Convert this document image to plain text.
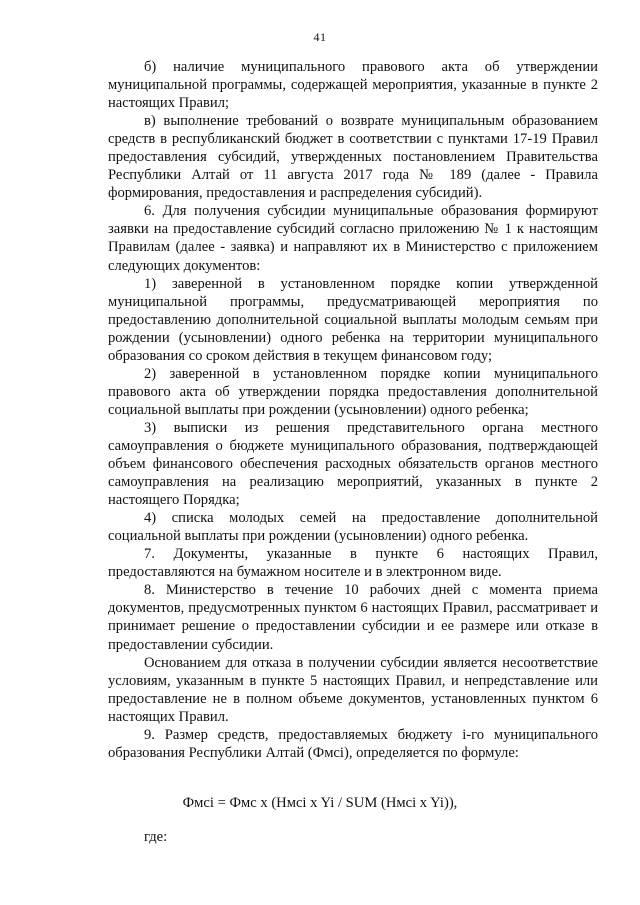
41

б) наличие муниципального правового акта об утверждении муниципальной программы, содержащей мероприятия, указанные в пункте 2 настоящих Правил;

в) выполнение требований о возврате муниципальным образованием средств в республиканский бюджет в соответствии с пунктами 17-19 Правил предоставления субсидий, утвержденных постановлением Правительства Республики Алтай от 11 августа 2017 года № 189 (далее - Правила формирования, предоставления и распределения субсидий).

6. Для получения субсидии муниципальные образования формируют заявки на предоставление субсидий согласно приложению № 1 к настоящим Правилам (далее - заявка) и направляют их в Министерство с приложением следующих документов:

1) заверенной в установленном порядке копии утвержденной муниципальной программы, предусматривающей мероприятия по предоставлению дополнительной социальной выплаты молодым семьям при рождении (усыновлении) одного ребенка на территории муниципального образования со сроком действия в текущем финансовом году;

2) заверенной в установленном порядке копии муниципального правового акта об утверждении порядка предоставления дополнительной социальной выплаты при рождении (усыновлении) одного ребенка;

3) выписки из решения представительного органа местного самоуправления о бюджете муниципального образования, подтверждающей объем финансового обеспечения расходных обязательств органов местного самоуправления на реализацию мероприятий, указанных в пункте 2 настоящего Порядка;

4) списка молодых семей на предоставление дополнительной социальной выплаты при рождении (усыновлении) одного ребенка.

7. Документы, указанные в пункте 6 настоящих Правил, предоставляются на бумажном носителе и в электронном виде.

8. Министерство в течение 10 рабочих дней с момента приема документов, предусмотренных пунктом 6 настоящих Правил, рассматривает и принимает решение о предоставлении субсидии и ее размере или отказе в предоставлении субсидии.

Основанием для отказа в получении субсидии является несоответствие условиям, указанным в пункте 5 настоящих Правил, и непредставление или предоставление не в полном объеме документов, установленных пунктом 6 настоящих Правил.

9. Размер средств, предоставляемых бюджету i-го муниципального образования Республики Алтай (Фмсi), определяется по формуле:

Фмсi = Фмс x (Нмсi x Yi / SUM (Нмсi x Yi)),
где:
